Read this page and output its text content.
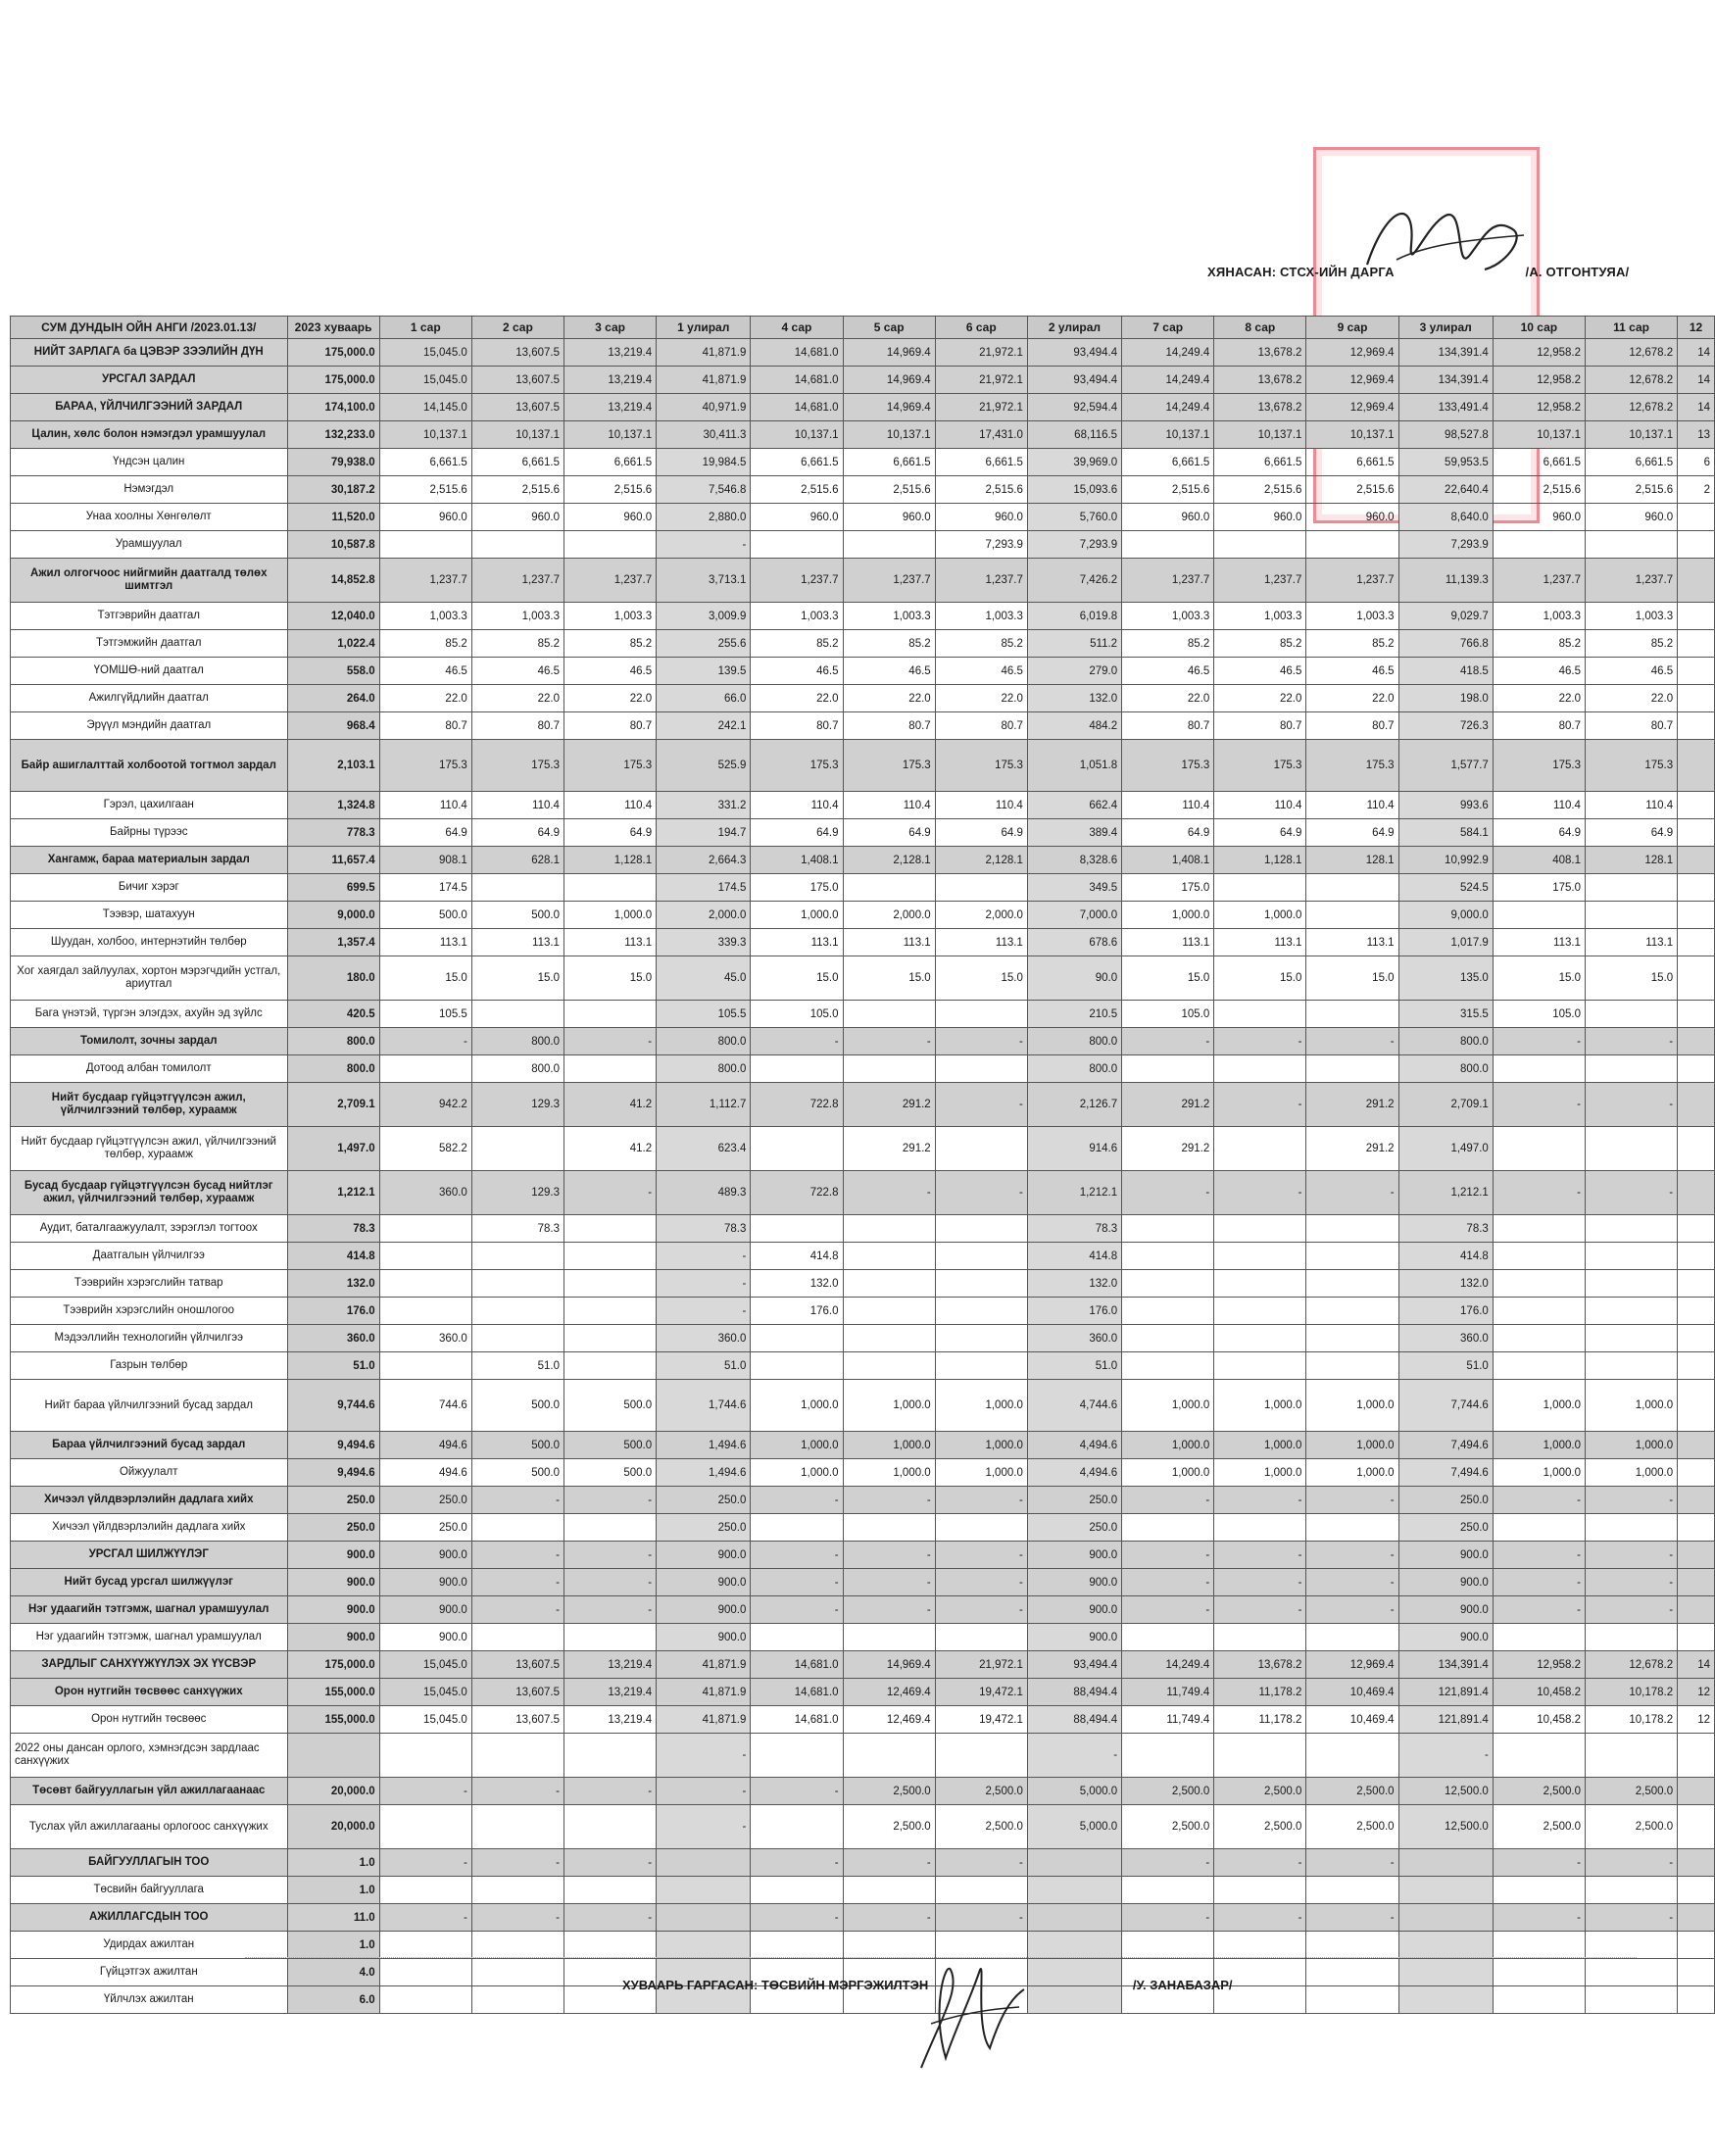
ХЯНАСАН: СТСХ-ИЙН ДАРГА	/А. ОТГОНТУЯА/
СУМ ДУНДЫН ОЙН АНГИ /2023.01.13/	2023 хуваарь	1 сар	2 сар	3 сар	1 улирал	4 сар	5 сар	6 сар	2 улирал	7 сар	8 сар	9 сар	3 улирал	10 сар	11 сар	12
НИЙТ ЗАРЛАГА ба ЦЭВЭР ЗЭЭЛИЙН ДҮН	175,000.0	15,045.0	13,607.5	13,219.4	41,871.9	14,681.0	14,969.4	21,972.1	93,494.4	14,249.4	13,678.2	12,969.4	134,391.4	12,958.2	12,678.2	14
УРСГАЛ ЗАРДАЛ	175,000.0	15,045.0	13,607.5	13,219.4	41,871.9	14,681.0	14,969.4	21,972.1	93,494.4	14,249.4	13,678.2	12,969.4	134,391.4	12,958.2	12,678.2	14
БАРАА, ҮЙЛЧИЛГЭЭНИЙ ЗАРДАЛ	174,100.0	14,145.0	13,607.5	13,219.4	40,971.9	14,681.0	14,969.4	21,972.1	92,594.4	14,249.4	13,678.2	12,969.4	133,491.4	12,958.2	12,678.2	14
Цалин, хөлс болон нэмэгдэл урамшуулал	132,233.0	10,137.1	10,137.1	10,137.1	30,411.3	10,137.1	10,137.1	17,431.0	68,116.5	10,137.1	10,137.1	10,137.1	98,527.8	10,137.1	10,137.1	13
Үндсэн цалин	79,938.0	6,661.5	6,661.5	6,661.5	19,984.5	6,661.5	6,661.5	6,661.5	39,969.0	6,661.5	6,661.5	6,661.5	59,953.5	6,661.5	6,661.5	6
Нэмэгдэл	30,187.2	2,515.6	2,515.6	2,515.6	7,546.8	2,515.6	2,515.6	2,515.6	15,093.6	2,515.6	2,515.6	2,515.6	22,640.4	2,515.6	2,515.6	2
Унаа хоолны Хөнгөлөлт	11,520.0	960.0	960.0	960.0	2,880.0	960.0	960.0	960.0	5,760.0	960.0	960.0	960.0	8,640.0	960.0	960.0	
Урамшуулал	10,587.8				-			7,293.9	7,293.9				7,293.9			
Ажил олгогчоос нийгмийн даатгалд төлөх шимтгэл	14,852.8	1,237.7	1,237.7	1,237.7	3,713.1	1,237.7	1,237.7	1,237.7	7,426.2	1,237.7	1,237.7	1,237.7	11,139.3	1,237.7	1,237.7	
Тэтгэврийн даатгал	12,040.0	1,003.3	1,003.3	1,003.3	3,009.9	1,003.3	1,003.3	1,003.3	6,019.8	1,003.3	1,003.3	1,003.3	9,029.7	1,003.3	1,003.3	
Тэтгэмжийн даатгал	1,022.4	85.2	85.2	85.2	255.6	85.2	85.2	85.2	511.2	85.2	85.2	85.2	766.8	85.2	85.2	
ҮОМШӨ-ний даатгал	558.0	46.5	46.5	46.5	139.5	46.5	46.5	46.5	279.0	46.5	46.5	46.5	418.5	46.5	46.5	
Ажилгүйдлийн даатгал	264.0	22.0	22.0	22.0	66.0	22.0	22.0	22.0	132.0	22.0	22.0	22.0	198.0	22.0	22.0	
Эрүүл мэндийн даатгал	968.4	80.7	80.7	80.7	242.1	80.7	80.7	80.7	484.2	80.7	80.7	80.7	726.3	80.7	80.7	
Байр ашиглалттай холбоотой тогтмол зардал	2,103.1	175.3	175.3	175.3	525.9	175.3	175.3	175.3	1,051.8	175.3	175.3	175.3	1,577.7	175.3	175.3	
Гэрэл, цахилгаан	1,324.8	110.4	110.4	110.4	331.2	110.4	110.4	110.4	662.4	110.4	110.4	110.4	993.6	110.4	110.4	
Байрны түрээс	778.3	64.9	64.9	64.9	194.7	64.9	64.9	64.9	389.4	64.9	64.9	64.9	584.1	64.9	64.9	
Хангамж, бараа материалын зардал	11,657.4	908.1	628.1	1,128.1	2,664.3	1,408.1	2,128.1	2,128.1	8,328.6	1,408.1	1,128.1	128.1	10,992.9	408.1	128.1	
Бичиг хэрэг	699.5	174.5			174.5	175.0			349.5	175.0			524.5	175.0		
Тээвэр, шатахуун	9,000.0	500.0	500.0	1,000.0	2,000.0	1,000.0	2,000.0	2,000.0	7,000.0	1,000.0	1,000.0		9,000.0			
Шуудан, холбоо, интернэтийн төлбөр	1,357.4	113.1	113.1	113.1	339.3	113.1	113.1	113.1	678.6	113.1	113.1	113.1	1,017.9	113.1	113.1	
Хог хаягдал зайлуулах, хортон мэрэгчдийн устгал, ариутгал	180.0	15.0	15.0	15.0	45.0	15.0	15.0	15.0	90.0	15.0	15.0	15.0	135.0	15.0	15.0	
Бага үнэтэй, түргэн элэгдэх, ахуйн эд зүйлс	420.5	105.5			105.5	105.0			210.5	105.0			315.5	105.0		
Томилолт, зочны зардал	800.0	-	800.0	-	800.0	-	-	-	800.0	-	-	-	800.0	-	-	
Дотоод албан томилолт	800.0		800.0		800.0				800.0				800.0			
Нийт бусдаар гүйцэтгүүлсэн ажил, үйлчилгээний төлбөр, хураамж	2,709.1	942.2	129.3	41.2	1,112.7	722.8	291.2	-	2,126.7	291.2	-	291.2	2,709.1	-	-	
Нийт бусдаар гүйцэтгүүлсэн ажил, үйлчилгээний төлбөр, хураамж	1,497.0	582.2		41.2	623.4		291.2		914.6	291.2		291.2	1,497.0			
Бусад бусдаар гүйцэтгүүлсэн бусад нийтлэг ажил, үйлчилгээний төлбөр, хураамж	1,212.1	360.0	129.3	-	489.3	722.8	-	-	1,212.1	-	-	-	1,212.1	-	-	
Аудит, баталгаажуулалт, зэрэглэл тогтоох	78.3		78.3		78.3				78.3				78.3			
Даатгалын үйлчилгээ	414.8				-	414.8			414.8				414.8			
Тээврийн хэрэгслийн татвар	132.0				-	132.0			132.0				132.0			
Тээврийн хэрэгслийн оношлогоо	176.0				-	176.0			176.0				176.0			
Мэдээллийн технологийн үйлчилгээ	360.0	360.0			360.0				360.0				360.0			
Газрын төлбөр	51.0		51.0		51.0				51.0				51.0			
Нийт бараа үйлчилгээний бусад зардал	9,744.6	744.6	500.0	500.0	1,744.6	1,000.0	1,000.0	1,000.0	4,744.6	1,000.0	1,000.0	1,000.0	7,744.6	1,000.0	1,000.0	
Бараа үйлчилгээний бусад зардал	9,494.6	494.6	500.0	500.0	1,494.6	1,000.0	1,000.0	1,000.0	4,494.6	1,000.0	1,000.0	1,000.0	7,494.6	1,000.0	1,000.0	
Ойжуулалт	9,494.6	494.6	500.0	500.0	1,494.6	1,000.0	1,000.0	1,000.0	4,494.6	1,000.0	1,000.0	1,000.0	7,494.6	1,000.0	1,000.0	
Хичээл үйлдвэрлэлийн дадлага хийх	250.0	250.0	-	-	250.0	-	-	-	250.0	-	-	-	250.0	-	-	
Хичээл үйлдвэрлэлийн дадлага хийх	250.0	250.0			250.0				250.0				250.0			
УРСГАЛ ШИЛЖҮҮЛЭГ	900.0	900.0	-	-	900.0	-	-	-	900.0	-	-	-	900.0	-	-	
Нийт бусад урсгал шилжүүлэг	900.0	900.0	-	-	900.0	-	-	-	900.0	-	-	-	900.0	-	-	
Нэг удаагийн тэтгэмж, шагнал урамшуулал	900.0	900.0	-	-	900.0	-	-	-	900.0	-	-	-	900.0	-	-	
Нэг удаагийн тэтгэмж, шагнал урамшуулал	900.0	900.0			900.0				900.0				900.0			
ЗАРДЛЫГ САНХҮҮЖҮҮЛЭХ ЭХ ҮҮСВЭР	175,000.0	15,045.0	13,607.5	13,219.4	41,871.9	14,681.0	14,969.4	21,972.1	93,494.4	14,249.4	13,678.2	12,969.4	134,391.4	12,958.2	12,678.2	14
Орон нутгийн төсвөөс санхүүжих	155,000.0	15,045.0	13,607.5	13,219.4	41,871.9	14,681.0	12,469.4	19,472.1	88,494.4	11,749.4	11,178.2	10,469.4	121,891.4	10,458.2	10,178.2	12
Орон нутгийн төсвөөс	155,000.0	15,045.0	13,607.5	13,219.4	41,871.9	14,681.0	12,469.4	19,472.1	88,494.4	11,749.4	11,178.2	10,469.4	121,891.4	10,458.2	10,178.2	12
2022 оны дансан орлого, хэмнэгдсэн зардлаас санхүүжих					-				-				-			
Төсөвт байгууллагын үйл ажиллагаанаас	20,000.0	-	-	-	-	-	2,500.0	2,500.0	5,000.0	2,500.0	2,500.0	2,500.0	12,500.0	2,500.0	2,500.0	
Туслах үйл ажиллагааны орлогоос санхүүжих	20,000.0				-		2,500.0	2,500.0	5,000.0	2,500.0	2,500.0	2,500.0	12,500.0	2,500.0	2,500.0	
БАЙГУУЛЛАГЫН ТОО	1.0	-	-	-		-	-	-		-	-	-		-	-	
Төсвийн байгууллага	1.0															
АЖИЛЛАГСДЫН ТОО	11.0	-	-	-		-	-	-		-	-	-		-	-	
Удирдах ажилтан	1.0															
Гүйцэтгэх ажилтан	4.0															
Үйлчлэх ажилтан	6.0															
ХУВААРЬ ГАРГАСАН: ТӨСВИЙН МЭРГЭЖИЛТЭН	/У. ЗАНАБАЗАР/
